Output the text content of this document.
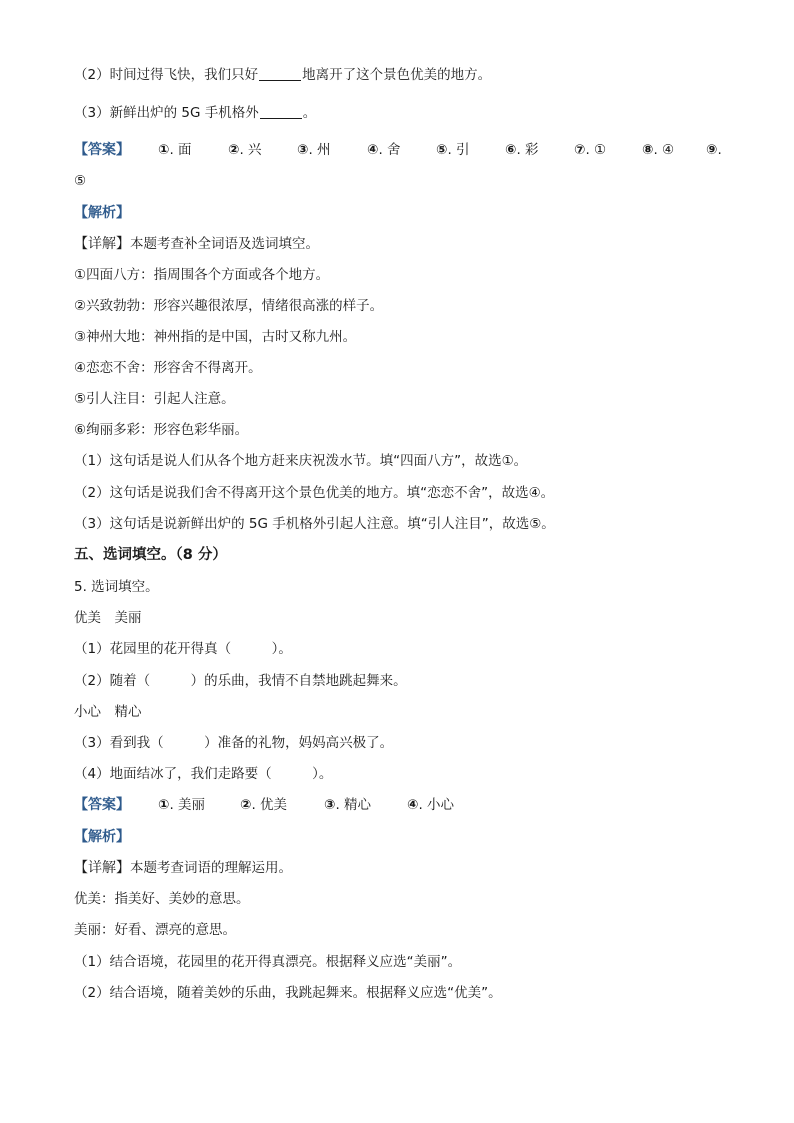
（2）时间过得飞快，我们只好	地离开了这个景色优美的地方。
（3）新鲜出炉的 5G 手机格外	。
【答案】 ①. 面	②. 兴	③. 州	④. 舍	⑤. 引	⑥. 彩	⑦. ①	⑧. ④ ⑨.
⑤
【解析】
【详解】本题考查补全词语及选词填空。
①四面八方：指周围各个方面或各个地方。
②兴致勃勃：形容兴趣很浓厚，情绪很高涨的样子。
③神州大地：神州指的是中国，古时又称九州。
④恋恋不舍：形容舍不得离开。
⑤引人注目：引起人注意。
⑥绚丽多彩：形容色彩华丽。
（1）这句话是说人们从各个地方赶来庆祝泼水节。填“四面八方”，故选①。
（2）这句话是说我们舍不得离开这个景色优美的地方。填“恋恋不舍”，故选④。
（3）这句话是说新鲜出炉的 5G 手机格外引起人注意。填“引人注目”，故选⑤。
五、选词填空。（8 分）
5. 选词填空。
优美　美丽
（1）花园里的花开得真（　　　）。
（2）随着（　　　）的乐曲，我情不自禁地跳起舞来。
小心　精心
（3）看到我（　　　）准备的礼物，妈妈高兴极了。
（4）地面结冰了，我们走路要（　　　）。
【答案】 ①. 美丽	②. 优美	③. 精心	④. 小心
【解析】
【详解】本题考查词语的理解运用。
优美：指美好、美妙的意思。
美丽：好看、漂亮的意思。
（1）结合语境，花园里的花开得真漂亮。根据释义应选“美丽”。
（2）结合语境，随着美妙的乐曲，我跳起舞来。根据释义应选“优美”。
